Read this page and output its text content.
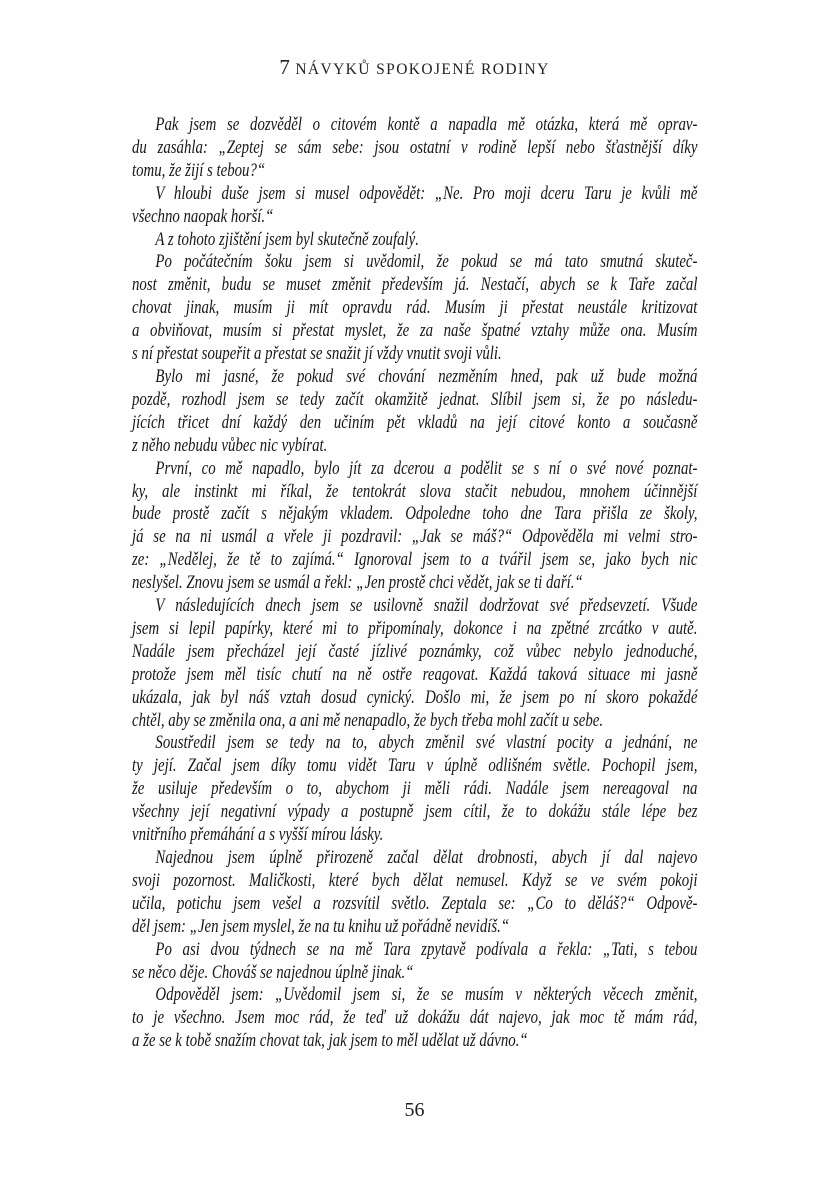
7 NÁVYKŮ SPOKOJENÉ RODINY

Pak jsem se dozvěděl o citovém kontě a napadla mě otázka, která mě oprav-
du zasáhla: „Zeptej se sám sebe: jsou ostatní v rodině lepší nebo šťastnější díky
tomu, že žijí s tebou?“

V hloubi duše jsem si musel odpovědět: „Ne. Pro moji dceru Taru je kvůli mě
všechno naopak horší.“

A z tohoto zjištění jsem byl skutečně zoufalý.

Po počátečním šoku jsem si uvědomil, že pokud se má tato smutná skuteč-
nost změnit, budu se muset změnit především já. Nestačí, abych se k Taře začal
chovat jinak, musím ji mít opravdu rád. Musím ji přestat neustále kritizovat
a obviňovat, musím si přestat myslet, že za naše špatné vztahy může ona. Musím
s ní přestat soupeřit a přestat se snažit jí vždy vnutit svoji vůli.

Bylo mi jasné, že pokud své chování nezměním hned, pak už bude možná
pozdě, rozhodl jsem se tedy začít okamžitě jednat. Slíbil jsem si, že po následu-
jících třicet dní každý den učiním pět vkladů na její citové konto a současně
z něho nebudu vůbec nic vybírat.

První, co mě napadlo, bylo jít za dcerou a podělit se s ní o své nové poznat-
ky, ale instinkt mi říkal, že tentokrát slova stačit nebudou, mnohem účinnější
bude prostě začít s nějakým vkladem. Odpoledne toho dne Tara přišla ze školy,
já se na ni usmál a vřele ji pozdravil: „Jak se máš?“ Odpověděla mi velmi stro-
ze: „Nedělej, že tě to zajímá.“ Ignoroval jsem to a tvářil jsem se, jako bych nic
neslyšel. Znovu jsem se usmál a řekl: „Jen prostě chci vědět, jak se ti daří.“

V následujících dnech jsem se usilovně snažil dodržovat své předsevzetí. Všude
jsem si lepil papírky, které mi to připomínaly, dokonce i na zpětné zrcátko v autě.
Nadále jsem přecházel její časté jízlivé poznámky, což vůbec nebylo jednoduché,
protože jsem měl tisíc chutí na ně ostře reagovat. Každá taková situace mi jasně
ukázala, jak byl náš vztah dosud cynický. Došlo mi, že jsem po ní skoro pokaždé
chtěl, aby se změnila ona, a ani mě nenapadlo, že bych třeba mohl začít u sebe.

Soustředil jsem se tedy na to, abych změnil své vlastní pocity a jednání, ne
ty její. Začal jsem díky tomu vidět Taru v úplně odlišném světle. Pochopil jsem,
že usiluje především o to, abychom ji měli rádi. Nadále jsem nereagoval na
všechny její negativní výpady a postupně jsem cítil, že to dokážu stále lépe bez
vnitřního přemáhání a s vyšší mírou lásky.

Najednou jsem úplně přirozeně začal dělat drobnosti, abych jí dal najevo
svoji pozornost. Maličkosti, které bych dělat nemusel. Když se ve svém pokoji
učila, potichu jsem vešel a rozsvítil světlo. Zeptala se: „Co to děláš?“ Odpově-
děl jsem: „Jen jsem myslel, že na tu knihu už pořádně nevidíš.“

Po asi dvou týdnech se na mě Tara zpytavě podívala a řekla: „Tati, s tebou
se něco děje. Chováš se najednou úplně jinak.“

Odpověděl jsem: „Uvědomil jsem si, že se musím v některých věcech změnit,
to je všechno. Jsem moc rád, že teď už dokážu dát najevo, jak moc tě mám rád,
a že se k tobě snažím chovat tak, jak jsem to měl udělat už dávno.“

56
